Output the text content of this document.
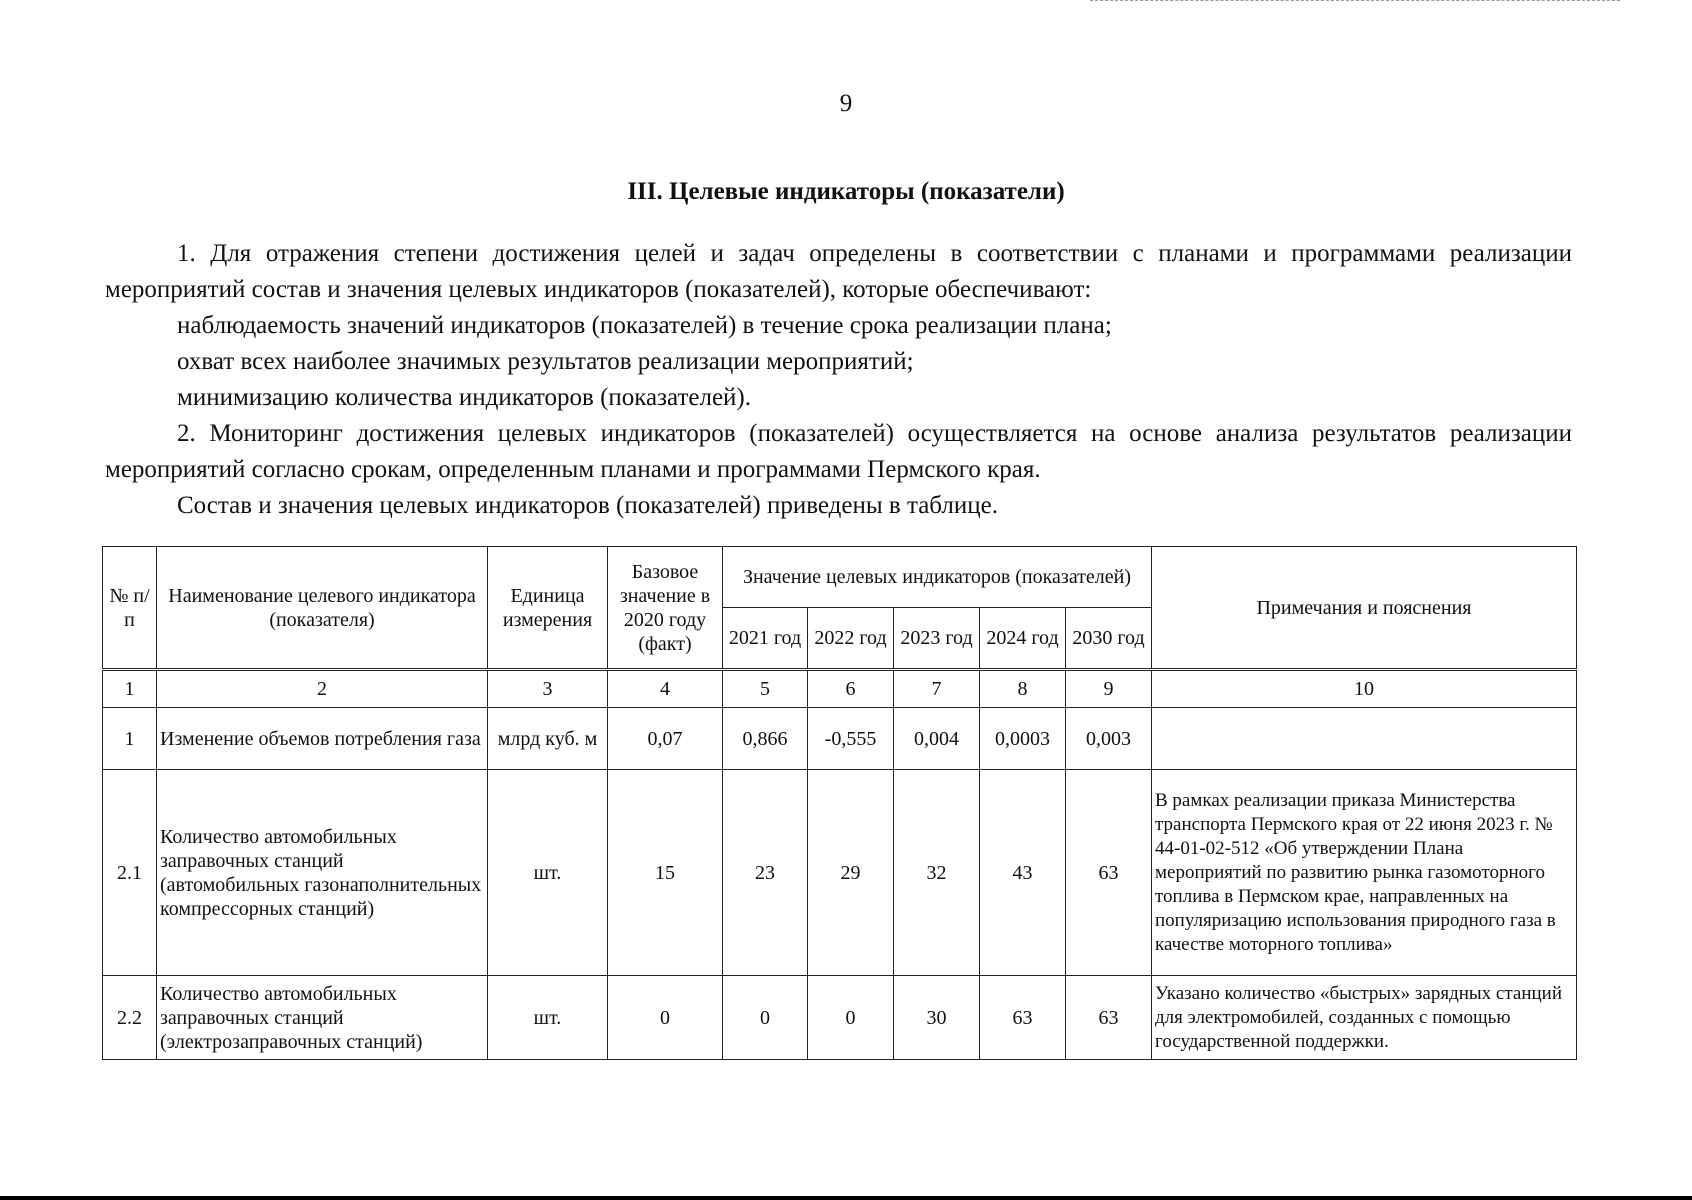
9
III. Целевые индикаторы (показатели)

1. Для отражения степени достижения целей и задач определены в соответствии с планами и программами реализации мероприятий состав и значения целевых индикаторов (показателей), которые обеспечивают:

наблюдаемость значений индикаторов (показателей) в течение срока реализации плана;

охват всех наиболее значимых результатов реализации мероприятий;

минимизацию количества индикаторов (показателей).

2. Мониторинг достижения целевых индикаторов (показателей) осуществляется на основе анализа результатов реализации мероприятий согласно срокам, определенным планами и программами Пермского края.

Состав и значения целевых индикаторов (показателей) приведены в таблице.

№ п/п	Наименование целевого индикатора (показателя)	Единица измерения	Базовое значение в 2020 году (факт)	Значение целевых индикаторов (показателей)					Примечания и пояснения
				2021 год	2022 год	2023 год	2024 год	2030 год	
1	2	3	4	5	6	7	8	9	10
1	Изменение объемов потребления газа	млрд куб. м	0,07	0,866	-0,555	0,004	0,0003	0,003	
2.1	Количество автомобильных заправочных станций (автомобильных газонаполнительных компрессорных станций)	шт.	15	23	29	32	43	63	В рамках реализации приказа Министерства транспорта Пермского края от 22 июня 2023 г. № 44-01-02-512 «Об утверждении Плана мероприятий по развитию рынка газомоторного топлива в Пермском крае, направленных на популяризацию использования природного газа в качестве моторного топлива»
2.2	Количество автомобильных заправочных станций (электрозаправочных станций)	шт.	0	0	0	30	63	63	Указано количество «быстрых» зарядных станций для электромобилей, созданных с помощью государственной поддержки.
